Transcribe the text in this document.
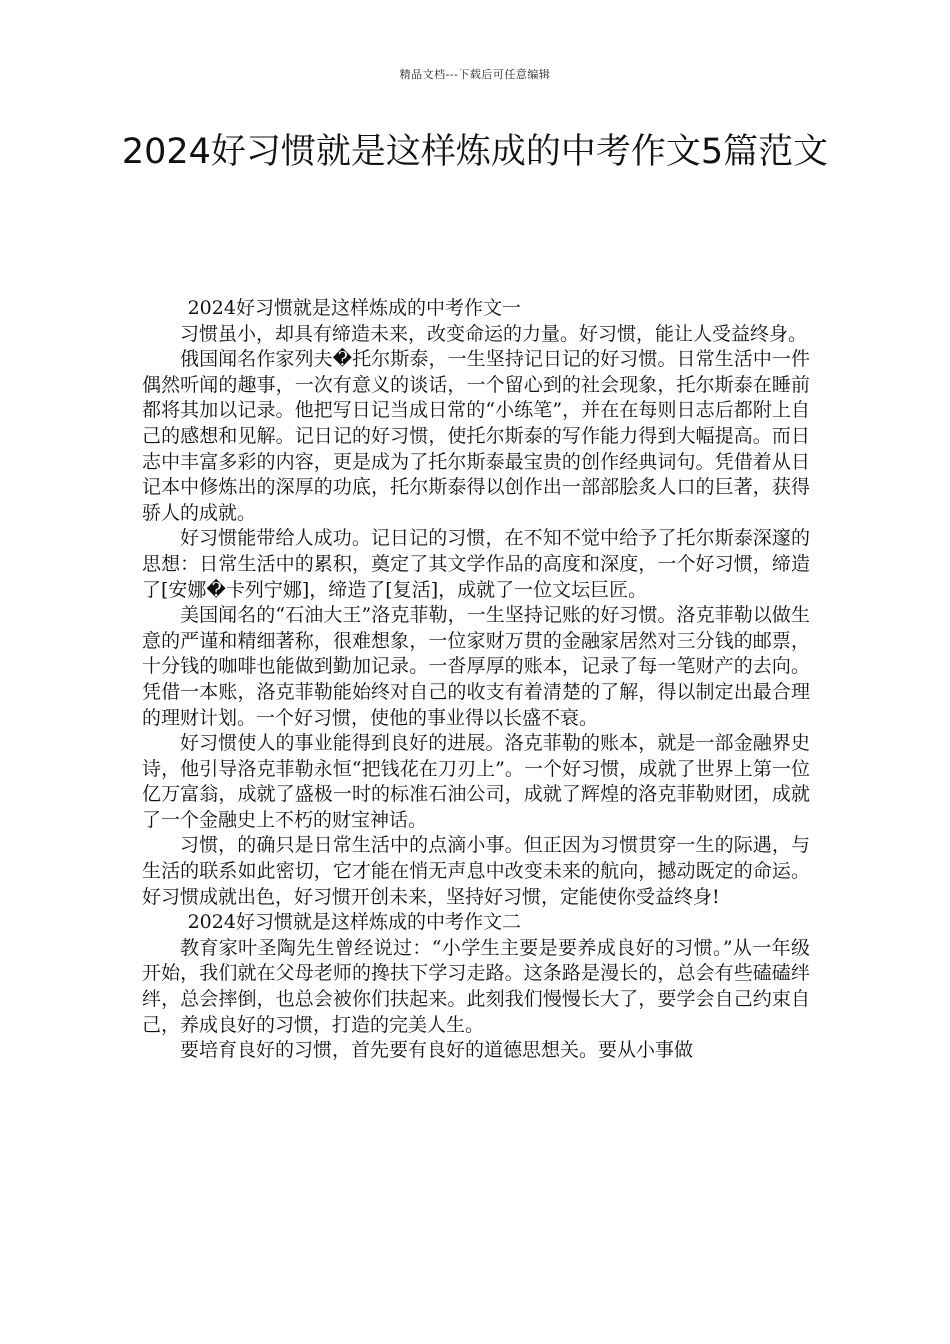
精品文档---下载后可任意编辑
2024好习惯就是这样炼成的中考作文5篇范文

2024好习惯就是这样炼成的中考作文一

习惯虽小，却具有缔造未来，改变命运的力量。好习惯，能让人受益终身。

俄国闻名作家列夫�托尔斯泰，一生坚持记日记的好习惯。日常生活中一件偶然听闻的趣事，一次有意义的谈话，一个留心到的社会现象，托尔斯泰在睡前都将其加以记录。他把写日记当成日常的“小练笔”，并在在每则日志后都附上自己的感想和见解。记日记的好习惯，使托尔斯泰的写作能力得到大幅提高。而日志中丰富多彩的内容，更是成为了托尔斯泰最宝贵的创作经典词句。凭借着从日记本中修炼出的深厚的功底，托尔斯泰得以创作出一部部脍炙人口的巨著，获得骄人的成就。

好习惯能带给人成功。记日记的习惯，在不知不觉中给予了托尔斯泰深邃的思想：日常生活中的累积，奠定了其文学作品的高度和深度，一个好习惯，缔造了[安娜�卡列宁娜]，缔造了[复活]，成就了一位文坛巨匠。

美国闻名的“石油大王”洛克菲勒，一生坚持记账的好习惯。洛克菲勒以做生意的严谨和精细著称，很难想象，一位家财万贯的金融家居然对三分钱的邮票，十分钱的咖啡也能做到勤加记录。一沓厚厚的账本，记录了每一笔财产的去向。凭借一本账，洛克菲勒能始终对自己的收支有着清楚的了解，得以制定出最合理的理财计划。一个好习惯，使他的事业得以长盛不衰。

好习惯使人的事业能得到良好的进展。洛克菲勒的账本，就是一部金融界史诗，他引导洛克菲勒永恒“把钱花在刀刃上”。一个好习惯，成就了世界上第一位亿万富翁，成就了盛极一时的标准石油公司，成就了辉煌的洛克菲勒财团，成就了一个金融史上不朽的财宝神话。

习惯，的确只是日常生活中的点滴小事。但正因为习惯贯穿一生的际遇，与生活的联系如此密切，它才能在悄无声息中改变未来的航向，撼动既定的命运。好习惯成就出色，好习惯开创未来，坚持好习惯，定能使你受益终身!

2024好习惯就是这样炼成的中考作文二

教育家叶圣陶先生曾经说过：“小学生主要是要养成良好的习惯。”从一年级开始，我们就在父母老师的搀扶下学习走路。这条路是漫长的，总会有些磕磕绊绊，总会摔倒，也总会被你们扶起来。此刻我们慢慢长大了，要学会自己约束自己，养成良好的习惯，打造的完美人生。

要培育良好的习惯，首先要有良好的道德思想关。要从小事做
